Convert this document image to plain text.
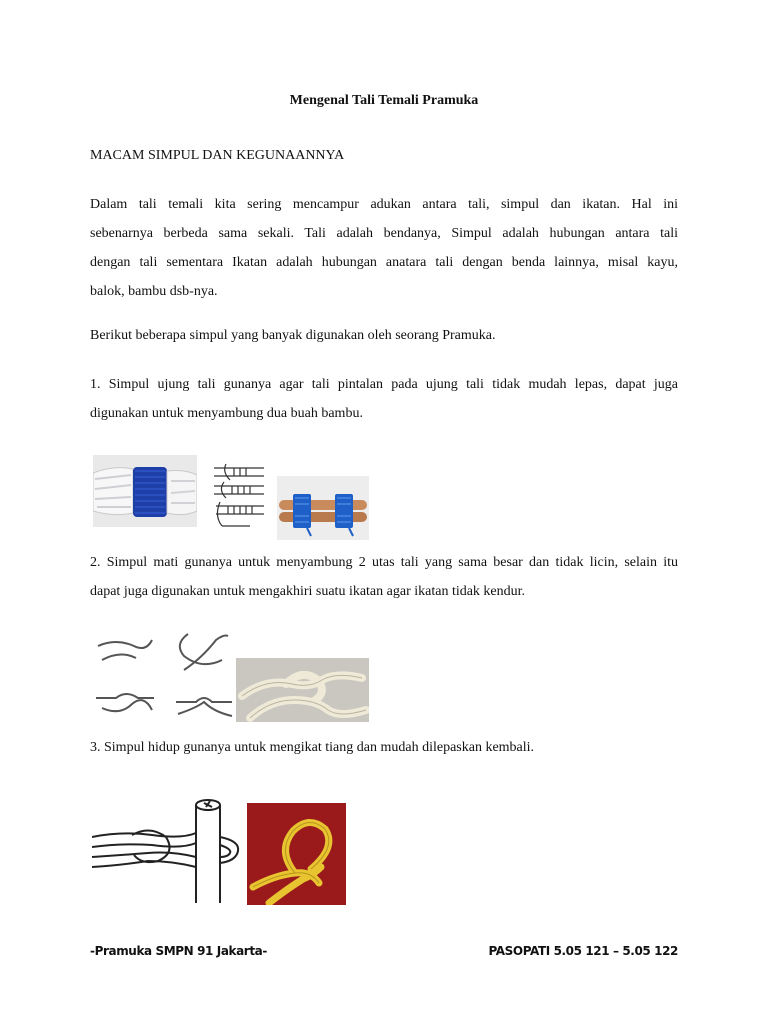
Mengenal Tali Temali Pramuka
MACAM SIMPUL DAN KEGUNAANNYA
Dalam tali temali kita sering mencampur adukan antara tali, simpul dan ikatan. Hal ini
sebenarnya berbeda sama sekali. Tali adalah bendanya, Simpul adalah hubungan antara tali
dengan tali sementara Ikatan adalah hubungan anatara tali dengan benda lainnya, misal kayu,
balok, bambu dsb-nya.
Berikut beberapa simpul yang banyak digunakan oleh seorang Pramuka.
1. Simpul ujung tali gunanya agar tali pintalan pada ujung tali tidak mudah lepas, dapat juga
digunakan untuk menyambung dua buah bambu.
2. Simpul mati gunanya untuk menyambung 2 utas tali yang sama besar dan tidak licin, selain itu
dapat juga digunakan untuk mengakhiri suatu ikatan agar ikatan tidak kendur.
3. Simpul hidup gunanya untuk mengikat tiang dan mudah dilepaskan kembali.
-Pramuka SMPN 91 Jakarta-	PASOPATI 5.05 121 – 5.05 122
